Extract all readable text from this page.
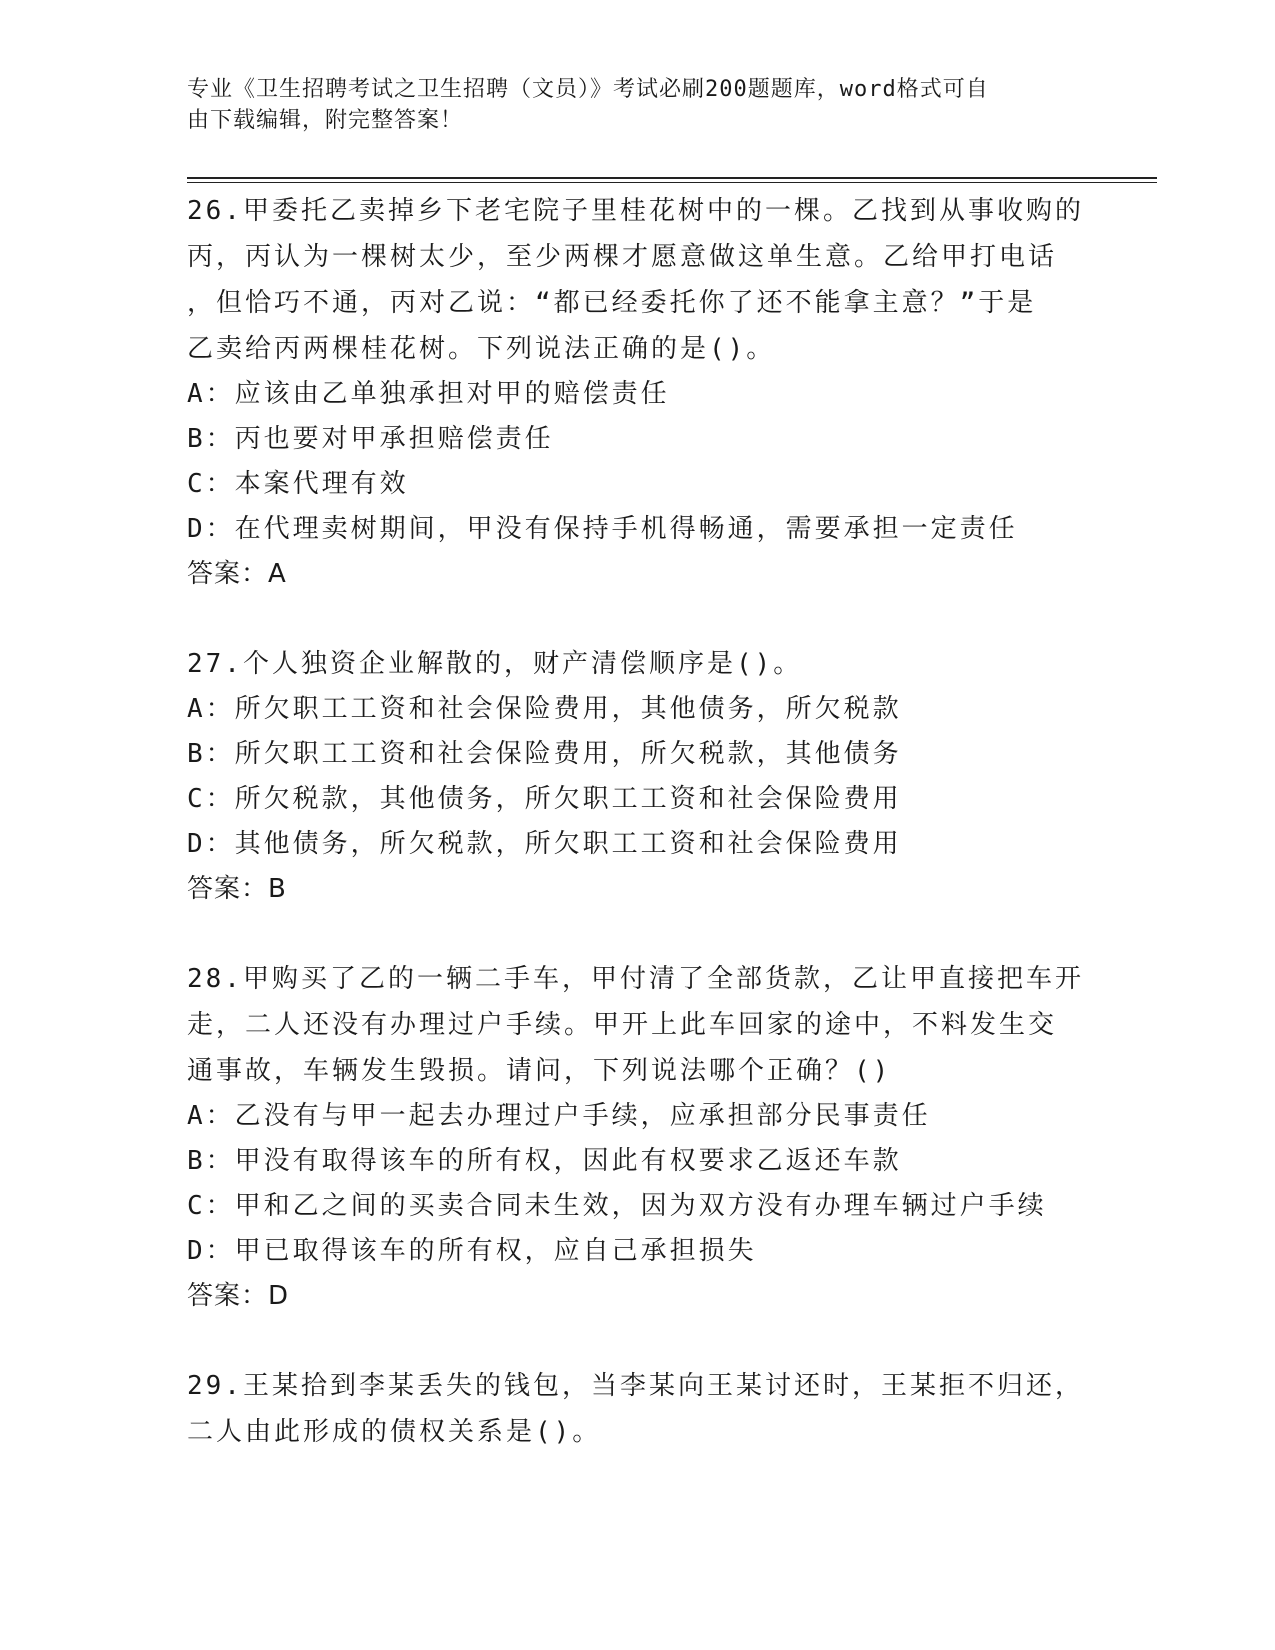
专业《卫生招聘考试之卫生招聘（文员）》考试必刷200题题库，word格式可自
由下载编辑，附完整答案！
26.甲委托乙卖掉乡下老宅院子里桂花树中的一棵。乙找到从事收购的
丙，丙认为一棵树太少，至少两棵才愿意做这单生意。乙给甲打电话
，但恰巧不通，丙对乙说：“都已经委托你了还不能拿主意？”于是
乙卖给丙两棵桂花树。下列说法正确的是()。
A：应该由乙单独承担对甲的赔偿责任
B：丙也要对甲承担赔偿责任
C：本案代理有效
D：在代理卖树期间，甲没有保持手机得畅通，需要承担一定责任
答案：A
27.个人独资企业解散的，财产清偿顺序是()。
A：所欠职工工资和社会保险费用，其他债务，所欠税款
B：所欠职工工资和社会保险费用，所欠税款，其他债务
C：所欠税款，其他债务，所欠职工工资和社会保险费用
D：其他债务，所欠税款，所欠职工工资和社会保险费用
答案：B
28.甲购买了乙的一辆二手车，甲付清了全部货款，乙让甲直接把车开
走，二人还没有办理过户手续。甲开上此车回家的途中，不料发生交
通事故，车辆发生毁损。请问，下列说法哪个正确？()
A：乙没有与甲一起去办理过户手续，应承担部分民事责任
B：甲没有取得该车的所有权，因此有权要求乙返还车款
C：甲和乙之间的买卖合同未生效，因为双方没有办理车辆过户手续
D：甲已取得该车的所有权，应自己承担损失
答案：D
29.王某拾到李某丢失的钱包，当李某向王某讨还时，王某拒不归还，
二人由此形成的债权关系是()。
